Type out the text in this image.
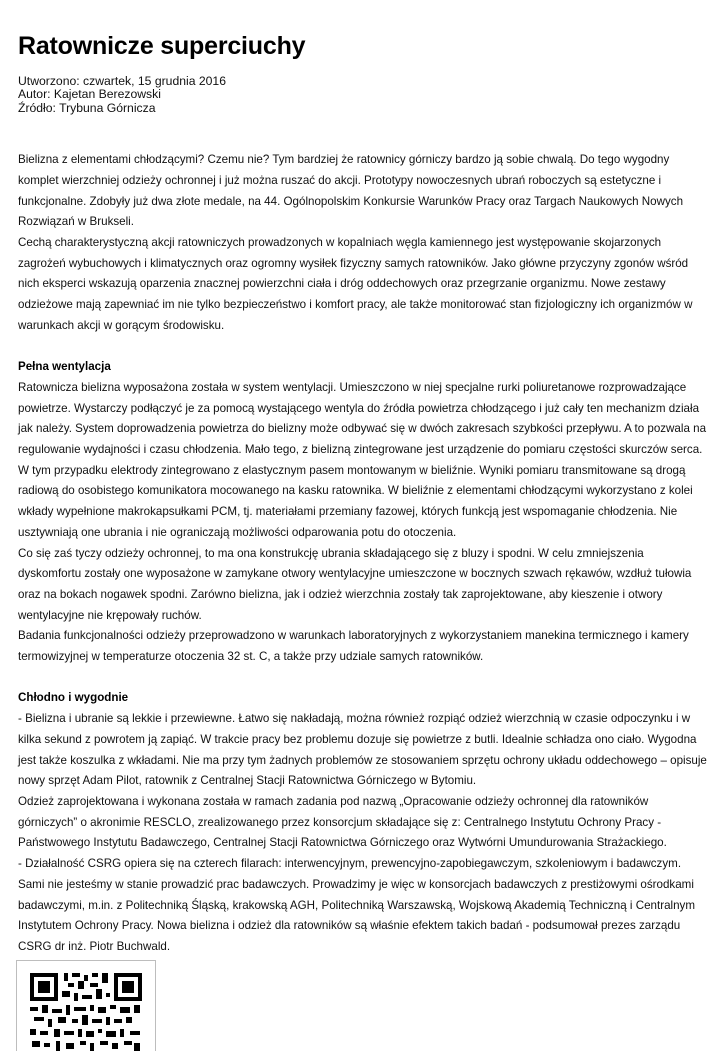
Ratownicze superciuchy
Utworzono: czwartek, 15 grudnia 2016
Autor: Kajetan Berezowski
Źródło: Trybuna Górnicza

Bielizna z elementami chłodzącymi? Czemu nie? Tym bardziej że ratownicy górniczy bardzo ją sobie chwalą. Do tego wygodny komplet wierzchniej odzieży ochronnej i już można ruszać do akcji. Prototypy nowoczesnych ubrań roboczych są estetyczne i funkcjonalne. Zdobyły już dwa złote medale, na 44. Ogólnopolskim Konkursie Warunków Pracy oraz Targach Naukowych Nowych Rozwiązań w Brukseli.

Cechą charakterystyczną akcji ratowniczych prowadzonych w kopalniach węgla kamiennego jest występowanie skojarzonych zagrożeń wybuchowych i klimatycznych oraz ogromny wysiłek fizyczny samych ratowników. Jako główne przyczyny zgonów wśród nich eksperci wskazują oparzenia znacznej powierzchni ciała i dróg oddechowych oraz przegrzanie organizmu. Nowe zestawy odzieżowe mają zapewniać im nie tylko bezpieczeństwo i komfort pracy, ale także monitorować stan fizjologiczny ich organizmów w warunkach akcji w gorącym środowisku.

Pełna wentylacja

Ratownicza bielizna wyposażona została w system wentylacji. Umieszczono w niej specjalne rurki poliuretanowe rozprowadzające powietrze. Wystarczy podłączyć je za pomocą wystającego wentyla do źródła powietrza chłodzącego i już cały ten mechanizm działa jak należy. System doprowadzenia powietrza do bielizny może odbywać się w dwóch zakresach szybkości przepływu. A to pozwala na regulowanie wydajności i czasu chłodzenia. Mało tego, z bielizną zintegrowane jest urządzenie do pomiaru częstości skurczów serca. W tym przypadku elektrody zintegrowano z elastycznym pasem montowanym w bieliźnie. Wyniki pomiaru transmitowane są drogą radiową do osobistego komunikatora mocowanego na kasku ratownika. W bieliźnie z elementami chłodzącymi wykorzystano z kolei wkłady wypełnione makrokapsułkami PCM, tj. materiałami przemiany fazowej, których funkcją jest wspomaganie chłodzenia. Nie usztywniają one ubrania i nie ograniczają możliwości odparowania potu do otoczenia.

Co się zaś tyczy odzieży ochronnej, to ma ona konstrukcję ubrania składającego się z bluzy i spodni. W celu zmniejszenia dyskomfortu zostały one wyposażone w zamykane otwory wentylacyjne umieszczone w bocznych szwach rękawów, wzdłuż tułowia oraz na bokach nogawek spodni. Zarówno bielizna, jak i odzież wierzchnia zostały tak zaprojektowane, aby kieszenie i otwory wentylacyjne nie krępowały ruchów.

Badania funkcjonalności odzieży przeprowadzono w warunkach laboratoryjnych z wykorzystaniem manekina termicznego i kamery termowizyjnej w temperaturze otoczenia 32 st. C, a także przy udziale samych ratowników.

Chłodno i wygodnie

- Bielizna i ubranie są lekkie i przewiewne. Łatwo się nakładają, można również rozpiąć odzież wierzchnią w czasie odpoczynku i w kilka sekund z powrotem ją zapiąć. W trakcie pracy bez problemu dozuje się powietrze z butli. Idealnie schładza ono ciało. Wygodna jest także koszulka z wkładami. Nie ma przy tym żadnych problemów ze stosowaniem sprzętu ochrony układu oddechowego – opisuje nowy sprzęt Adam Pilot, ratownik z Centralnej Stacji Ratownictwa Górniczego w Bytomiu.

Odzież zaprojektowana i wykonana została w ramach zadania pod nazwą „Opracowanie odzieży ochronnej dla ratowników górniczych” o akronimie RESCLO, zrealizowanego przez konsorcjum składające się z: Centralnego Instytutu Ochrony Pracy - Państwowego Instytutu Badawczego, Centralnej Stacji Ratownictwa Górniczego oraz Wytwórni Umundurowania Strażackiego.

- Działalność CSRG opiera się na czterech filarach: interwencyjnym, prewencyjno-zapobiegawczym, szkoleniowym i badawczym. Sami nie jesteśmy w stanie prowadzić prac badawczych. Prowadzimy je więc w konsorcjach badawczych z prestiżowymi ośrodkami badawczymi, m.in. z Politechniką Śląską, krakowską AGH, Politechniką Warszawską, Wojskową Akademią Techniczną i Centralnym Instytutem Ochrony Pracy. Nowa bielizna i odzież dla ratowników są właśnie efektem takich badań - podsumował prezes zarządu CSRG dr inż. Piotr Buchwald.
